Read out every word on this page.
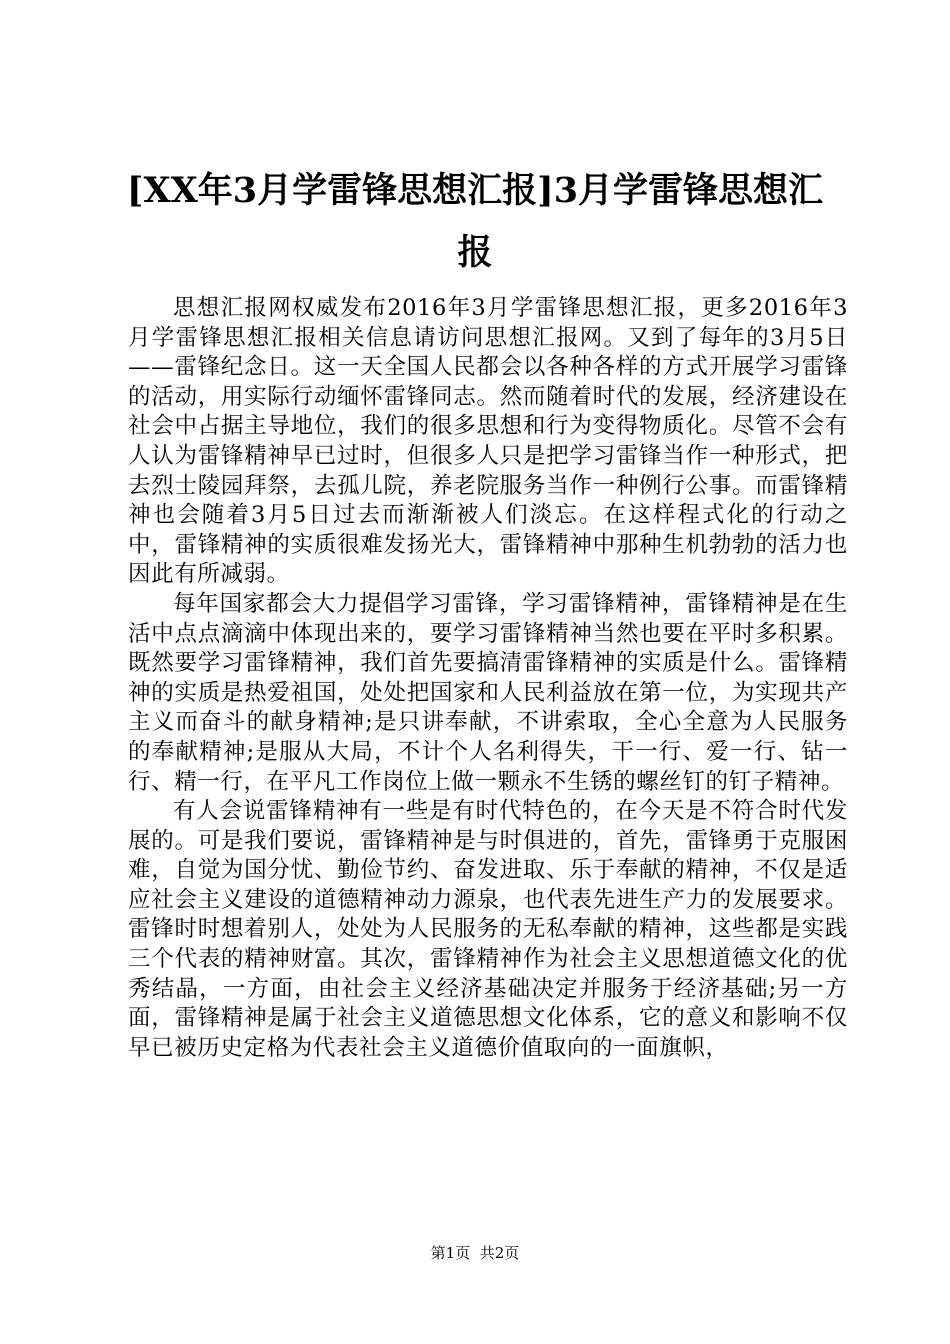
[XX年3月学雷锋思想汇报]3月学雷锋思想汇报

思想汇报网权威发布2016年3月学雷锋思想汇报，更多2016年3月学雷锋思想汇报相关信息请访问思想汇报网。又到了每年的3月5日——雷锋纪念日。这一天全国人民都会以各种各样的方式开展学习雷锋的活动，用实际行动缅怀雷锋同志。然而随着时代的发展，经济建设在社会中占据主导地位，我们的很多思想和行为变得物质化。尽管不会有人认为雷锋精神早已过时，但很多人只是把学习雷锋当作一种形式，把去烈士陵园拜祭，去孤儿院，养老院服务当作一种例行公事。而雷锋精神也会随着3月5日过去而渐渐被人们淡忘。在这样程式化的行动之中，雷锋精神的实质很难发扬光大，雷锋精神中那种生机勃勃的活力也因此有所减弱。

每年国家都会大力提倡学习雷锋，学习雷锋精神，雷锋精神是在生活中点点滴滴中体现出来的，要学习雷锋精神当然也要在平时多积累。既然要学习雷锋精神，我们首先要搞清雷锋精神的实质是什么。雷锋精神的实质是热爱祖国，处处把国家和人民利益放在第一位，为实现共产主义而奋斗的献身精神;是只讲奉献，不讲索取，全心全意为人民服务的奉献精神;是服从大局，不计个人名利得失，干一行、爱一行、钻一行、精一行，在平凡工作岗位上做一颗永不生锈的螺丝钉的钉子精神。

有人会说雷锋精神有一些是有时代特色的，在今天是不符合时代发展的。可是我们要说，雷锋精神是与时俱进的，首先，雷锋勇于克服困难，自觉为国分忧、勤俭节约、奋发进取、乐于奉献的精神，不仅是适应社会主义建设的道德精神动力源泉，也代表先进生产力的发展要求。雷锋时时想着别人，处处为人民服务的无私奉献的精神，这些都是实践三个代表的精神财富。其次，雷锋精神作为社会主义思想道德文化的优秀结晶，一方面，由社会主义经济基础决定并服务于经济基础;另一方面，雷锋精神是属于社会主义道德思想文化体系，它的意义和影响不仅早已被历史定格为代表社会主义道德价值取向的一面旗帜，

第1页 共2页
